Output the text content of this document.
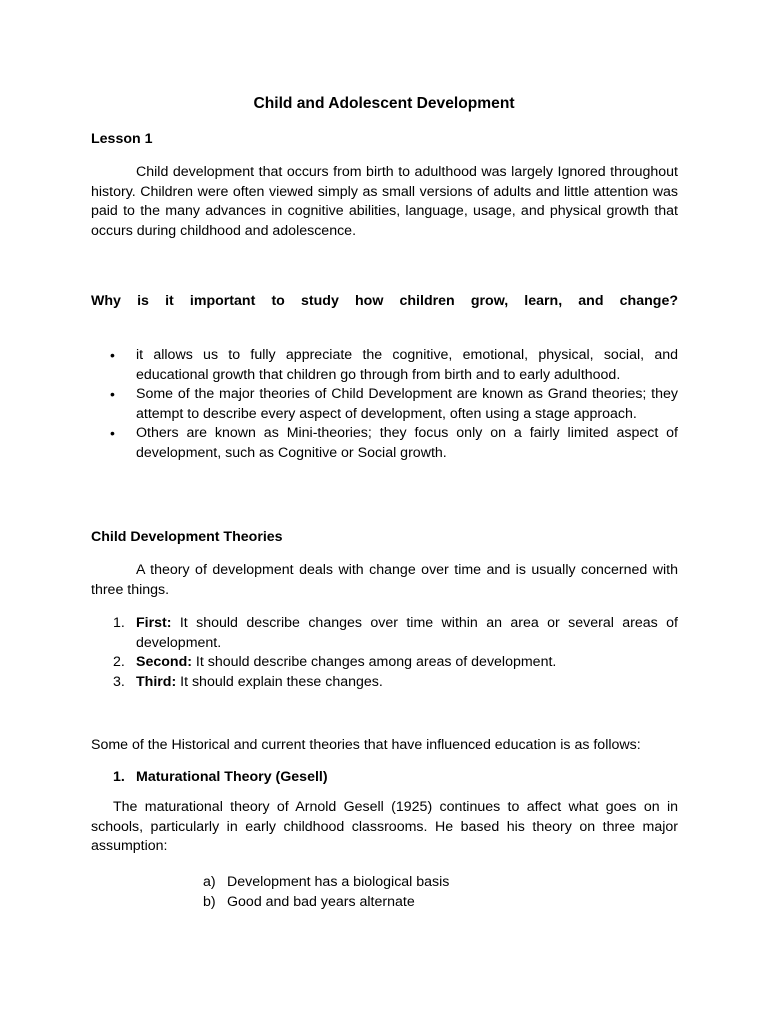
Child and Adolescent Development
Lesson 1
Child development that occurs from birth to adulthood was largely Ignored throughout history. Children were often viewed simply as small versions of adults and little attention was paid to the many advances in cognitive abilities, language, usage, and physical growth that occurs during childhood and adolescence.
Why is it important to study how children grow, learn, and change?
• it allows us to fully appreciate the cognitive, emotional, physical, social, and educational growth that children go through from birth and to early adulthood.
• Some of the major theories of Child Development are known as Grand theories; they attempt to describe every aspect of development, often using a stage approach.
• Others are known as Mini-theories; they focus only on a fairly limited aspect of development, such as Cognitive or Social growth.
Child Development Theories
A theory of development deals with change over time and is usually concerned with three things.
1. First: It should describe changes over time within an area or several areas of development.
2. Second: It should describe changes among areas of development.
3. Third: It should explain these changes.
Some of the Historical and current theories that have influenced education is as follows:
1. Maturational Theory (Gesell)
The maturational theory of Arnold Gesell (1925) continues to affect what goes on in schools, particularly in early childhood classrooms. He based his theory on three major assumption:
a) Development has a biological basis
b) Good and bad years alternate
